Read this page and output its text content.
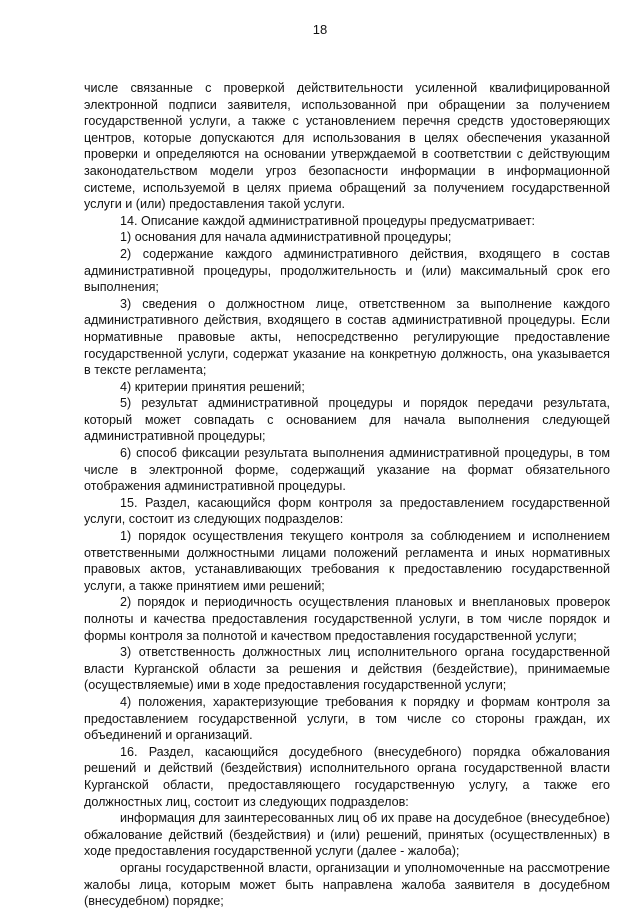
18

числе связанные с проверкой действительности усиленной квалифицированной электронной подписи заявителя, использованной при обращении за получением государственной услуги, а также с установлением перечня средств удостоверяющих центров, которые допускаются для использования в целях обеспечения указанной проверки и определяются на основании утверждаемой в соответствии с действующим законодательством модели угроз безопасности информации в информационной системе, используемой в целях приема обращений за получением государственной услуги и (или) предоставления такой услуги.

14. Описание каждой административной процедуры предусматривает:

1) основания для начала административной процедуры;

2) содержание каждого административного действия, входящего в состав административной процедуры, продолжительность и (или) максимальный срок его выполнения;

3) сведения о должностном лице, ответственном за выполнение каждого административного действия, входящего в состав административной процедуры. Если нормативные правовые акты, непосредственно регулирующие предоставление государственной услуги, содержат указание на конкретную должность, она указывается в тексте регламента;

4) критерии принятия решений;

5) результат административной процедуры и порядок передачи результата, который может совпадать с основанием для начала выполнения следующей административной процедуры;

6) способ фиксации результата выполнения административной процедуры, в том числе в электронной форме, содержащий указание на формат обязательного отображения административной процедуры.

15. Раздел, касающийся форм контроля за предоставлением государственной услуги, состоит из следующих подразделов:

1) порядок осуществления текущего контроля за соблюдением и исполнением ответственными должностными лицами положений регламента и иных нормативных правовых актов, устанавливающих требования к предоставлению государственной услуги, а также принятием ими решений;

2) порядок и периодичность осуществления плановых и внеплановых проверок полноты и качества предоставления государственной услуги, в том числе порядок и формы контроля за полнотой и качеством предоставления государственной услуги;

3) ответственность должностных лиц исполнительного органа государственной власти Курганской области за решения и действия (бездействие), принимаемые (осуществляемые) ими в ходе предоставления государственной услуги;

4) положения, характеризующие требования к порядку и формам контроля за предоставлением государственной услуги, в том числе со стороны граждан, их объединений и организаций.

16. Раздел, касающийся досудебного (внесудебного) порядка обжалования решений и действий (бездействия) исполнительного органа государственной власти Курганской области, предоставляющего государственную услугу, а также его должностных лиц, состоит из следующих подразделов:

информация для заинтересованных лиц об их праве на досудебное (внесудебное) обжалование действий (бездействия) и (или) решений, принятых (осуществленных) в ходе предоставления государственной услуги (далее - жалоба);

органы государственной власти, организации и уполномоченные на рассмотрение жалобы лица, которым может быть направлена жалоба заявителя в досудебном (внесудебном) порядке;
